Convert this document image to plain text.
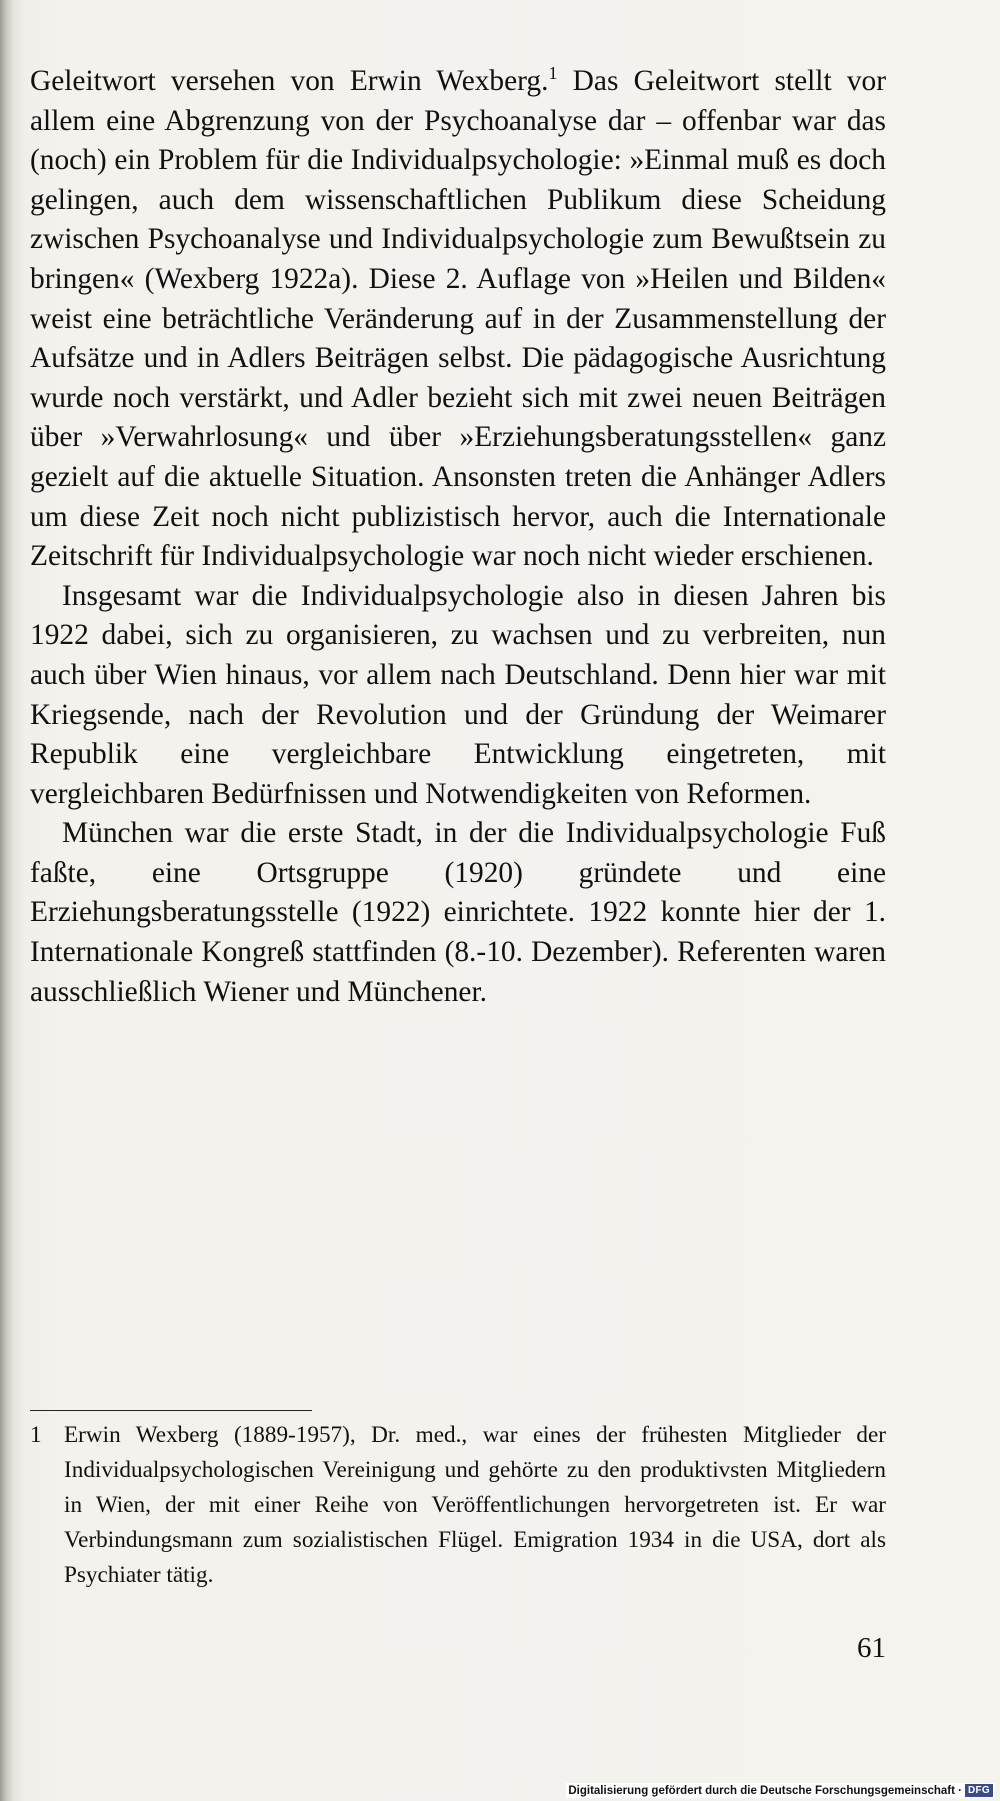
Geleitwort versehen von Erwin Wexberg.$^1$ Das Geleitwort stellt vor allem eine Abgrenzung von der Psychoanalyse dar – offenbar war das (noch) ein Problem für die Individualpsychologie: »Einmal muß es doch gelingen, auch dem wissenschaftlichen Publikum diese Scheidung zwischen Psychoanalyse und Individualpsychologie zum Bewußtsein zu bringen« (Wexberg 1922a). Diese 2. Auflage von »Heilen und Bilden« weist eine beträchtliche Veränderung auf in der Zusammenstellung der Aufsätze und in Adlers Beiträgen selbst. Die pädagogische Ausrichtung wurde noch verstärkt, und Adler bezieht sich mit zwei neuen Beiträgen über »Verwahrlosung« und über »Erziehungsberatungsstellen« ganz gezielt auf die aktuelle Situation. Ansonsten treten die Anhänger Adlers um diese Zeit noch nicht publizistisch hervor, auch die Internationale Zeitschrift für Individualpsychologie war noch nicht wieder erschienen.

Insgesamt war die Individualpsychologie also in diesen Jahren bis 1922 dabei, sich zu organisieren, zu wachsen und zu verbreiten, nun auch über Wien hinaus, vor allem nach Deutschland. Denn hier war mit Kriegsende, nach der Revolution und der Gründung der Weimarer Republik eine vergleichbare Entwicklung eingetreten, mit vergleichbaren Bedürfnissen und Notwendigkeiten von Reformen.

München war die erste Stadt, in der die Individualpsychologie Fuß faßte, eine Ortsgruppe (1920) gründete und eine Erziehungsberatungsstelle (1922) einrichtete. 1922 konnte hier der 1. Internationale Kongreß stattfinden (8.-10. Dezember). Referenten waren ausschließlich Wiener und Münchener.

1 Erwin Wexberg (1889-1957), Dr. med., war eines der frühesten Mitglieder der Individualpsychologischen Vereinigung und gehörte zu den produktivsten Mitgliedern in Wien, der mit einer Reihe von Veröffentlichungen hervorgetreten ist. Er war Verbindungsmann zum sozialistischen Flügel. Emigration 1934 in die USA, dort als Psychiater tätig.
61
Digitalisierung gefördert durch die Deutsche Forschungsgemeinschaft · DFG
